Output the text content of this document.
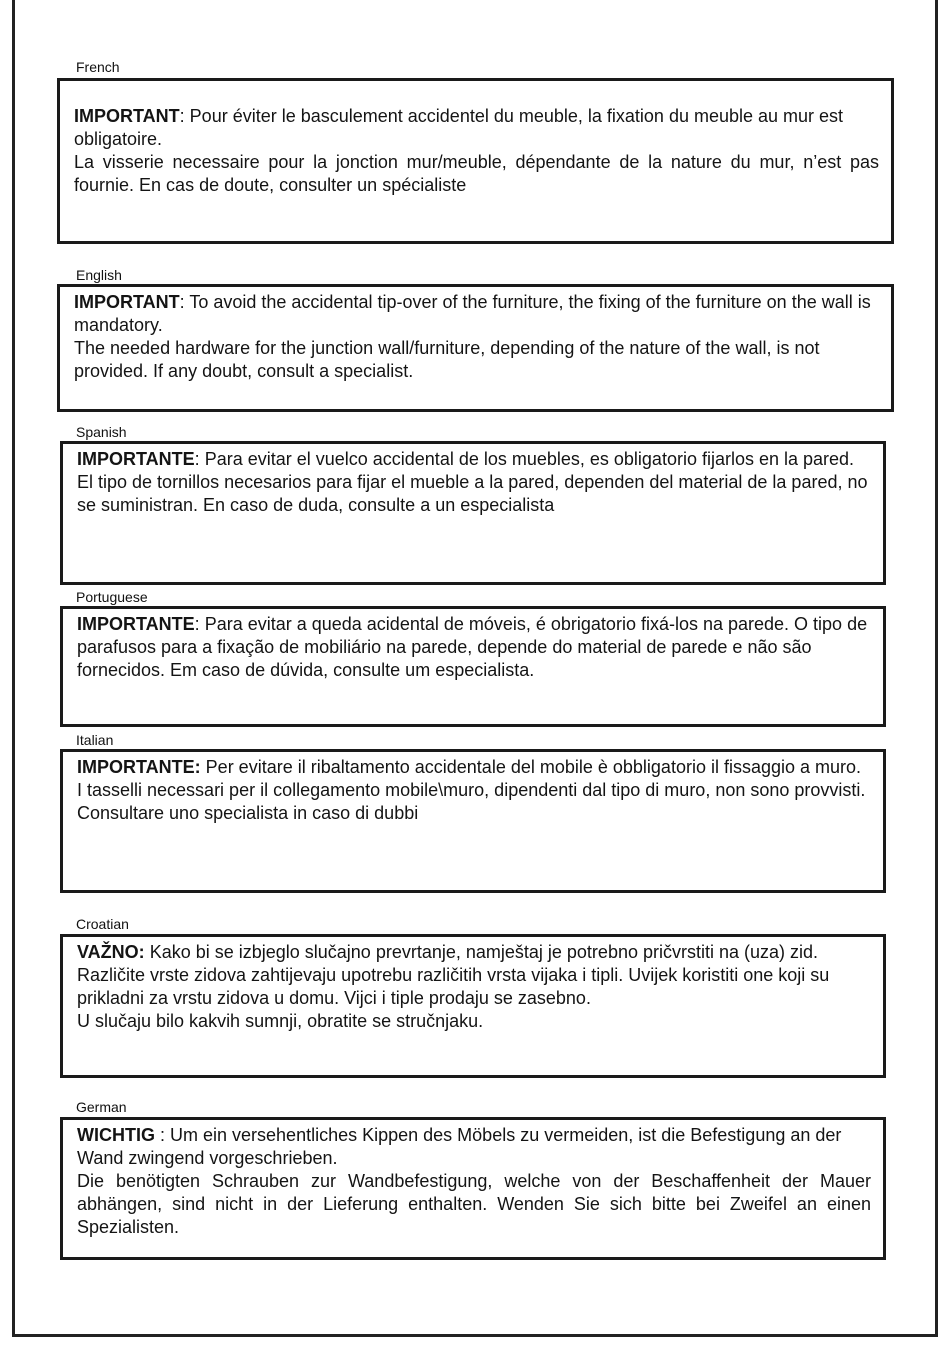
French

IMPORTANT: Pour éviter le basculement accidentel du meuble, la fixation du meuble au mur est obligatoire.

La visserie necessaire pour la jonction mur/meuble, dépendante de la nature du mur, n’est pas fournie. En cas de doute, consulter un spécialiste

English

IMPORTANT: To avoid the accidental tip-over of the furniture, the fixing of the furniture on the wall is mandatory.

The needed hardware for the junction wall/furniture, depending of the nature of the wall, is not provided. If any doubt, consult a specialist.

Spanish

IMPORTANTE: Para evitar el vuelco accidental de los muebles, es obligatorio fijarlos en la pared.

El tipo de tornillos necesarios para fijar el mueble a la pared, dependen del material de la pared, no se suministran. En caso de duda, consulte a un especialista

Portuguese

IMPORTANTE: Para evitar a queda acidental de móveis, é obrigatorio fixá-los na parede. O tipo de parafusos para a fixação de mobiliário na parede, depende do material de parede e não são fornecidos. Em caso de dúvida, consulte um especialista.

Italian

IMPORTANTE: Per evitare il ribaltamento accidentale del mobile è obbligatorio il fissaggio a muro.

I tasselli necessari per il collegamento mobile\muro, dipendenti dal tipo di muro, non sono provvisti.

Consultare uno specialista in caso di dubbi

Croatian

VAŽNO: Kako bi se izbjeglo slučajno prevrtanje, namještaj je potrebno pričvrstiti na (uza) zid.

Različite vrste zidova zahtijevaju upotrebu različitih vrsta vijaka i tipli. Uvijek koristiti one koji su prikladni za vrstu zidova u domu. Vijci i tiple prodaju se zasebno.

U slučaju bilo kakvih sumnji, obratite se stručnjaku.

German

WICHTIG : Um ein versehentliches Kippen des Möbels zu vermeiden, ist die Befestigung an der Wand zwingend vorgeschrieben.

Die benötigten Schrauben zur Wandbefestigung, welche von der Beschaffenheit der Mauer abhängen, sind nicht in der Lieferung enthalten. Wenden Sie sich bitte bei Zweifel an einen Spezialisten.
